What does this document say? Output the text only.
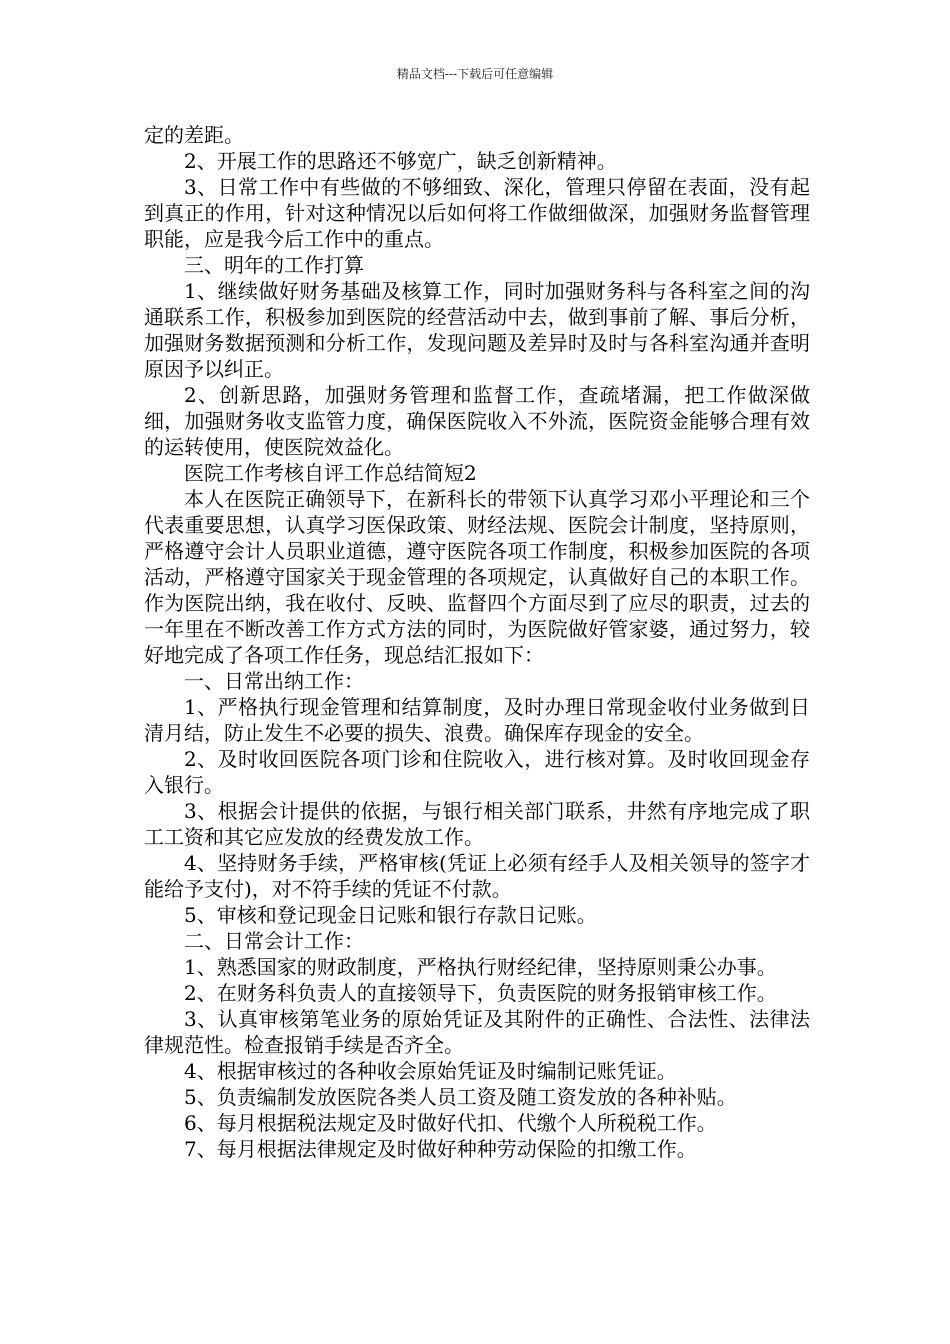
精品文档---下载后可任意编辑

定的差距。

2、开展工作的思路还不够宽广，缺乏创新精神。

3、日常工作中有些做的不够细致、深化，管理只停留在表面，没有起到真正的作用，针对这种情况以后如何将工作做细做深，加强财务监督管理职能，应是我今后工作中的重点。

三、明年的工作打算

1、继续做好财务基础及核算工作，同时加强财务科与各科室之间的沟通联系工作，积极参加到医院的经营活动中去，做到事前了解、事后分析，加强财务数据预测和分析工作，发现问题及差异时及时与各科室沟通并查明原因予以纠正。

2、创新思路，加强财务管理和监督工作，查疏堵漏，把工作做深做细，加强财务收支监管力度，确保医院收入不外流，医院资金能够合理有效的运转使用，使医院效益化。

医院工作考核自评工作总结简短2

本人在医院正确领导下，在新科长的带领下认真学习邓小平理论和三个代表重要思想，认真学习医保政策、财经法规、医院会计制度，坚持原则，严格遵守会计人员职业道德，遵守医院各项工作制度，积极参加医院的各项活动，严格遵守国家关于现金管理的各项规定，认真做好自己的本职工作。作为医院出纳，我在收付、反映、监督四个方面尽到了应尽的职责，过去的一年里在不断改善工作方式方法的同时，为医院做好管家婆，通过努力，较好地完成了各项工作任务，现总结汇报如下：

一、日常出纳工作：

1、严格执行现金管理和结算制度，及时办理日常现金收付业务做到日清月结，防止发生不必要的损失、浪费。确保库存现金的安全。

2、及时收回医院各项门诊和住院收入，进行核对算。及时收回现金存入银行。

3、根据会计提供的依据，与银行相关部门联系，井然有序地完成了职工工资和其它应发放的经费发放工作。

4、坚持财务手续，严格审核(凭证上必须有经手人及相关领导的签字才能给予支付)，对不符手续的凭证不付款。

5、审核和登记现金日记账和银行存款日记账。

二、日常会计工作：

1、熟悉国家的财政制度，严格执行财经纪律，坚持原则秉公办事。

2、在财务科负责人的直接领导下，负责医院的财务报销审核工作。

3、认真审核第笔业务的原始凭证及其附件的正确性、合法性、法律法律规范性。检查报销手续是否齐全。

4、根据审核过的各种收会原始凭证及时编制记账凭证。

5、负责编制发放医院各类人员工资及随工资发放的各种补贴。

6、每月根据税法规定及时做好代扣、代缴个人所税税工作。

7、每月根据法律规定及时做好种种劳动保险的扣缴工作。
